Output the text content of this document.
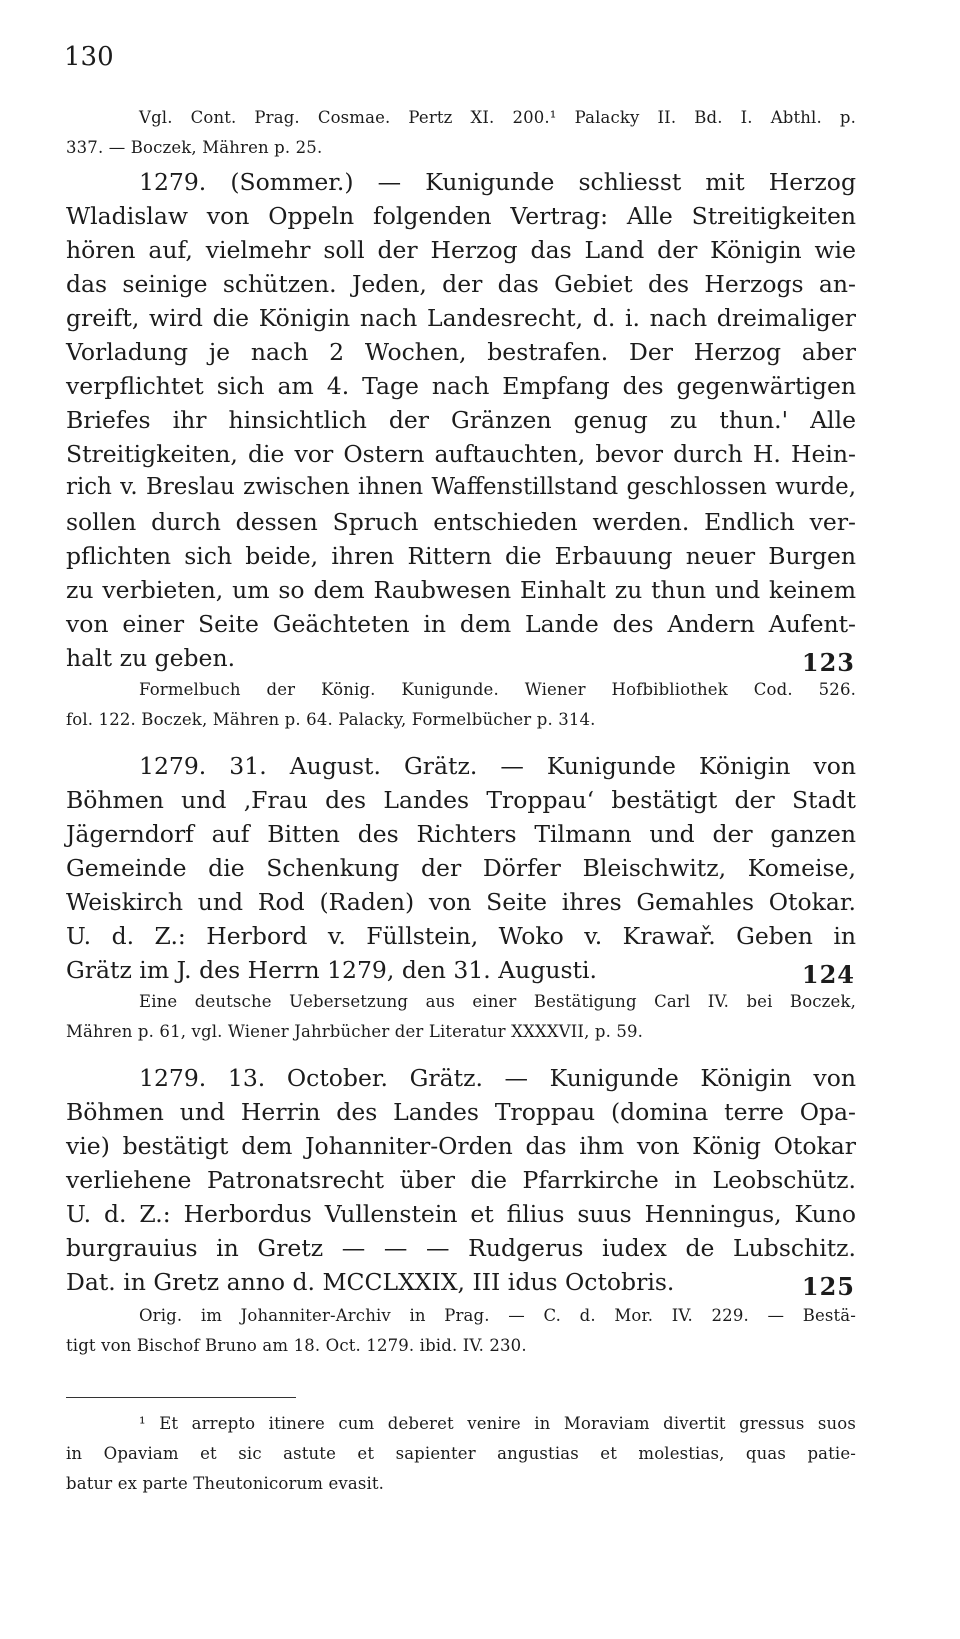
130
Vgl. Cont. Prag. Cosmae. Pertz XI. 200.¹ Palacky II. Bd. I. Abthl. p.
337. — Boczek, Mähren p. 25.
1279. (Sommer.) — Kunigunde schliesst mit Herzog
Wladislaw von Oppeln folgenden Vertrag: Alle Streitigkeiten
hören auf, vielmehr soll der Herzog das Land der Königin wie
das seinige schützen. Jeden, der das Gebiet des Herzogs an-
greift, wird die Königin nach Landesrecht, d. i. nach dreimaliger
Vorladung je nach 2 Wochen, bestrafen. Der Herzog aber
verpflichtet sich am 4. Tage nach Empfang des gegenwärtigen
Briefes ihr hinsichtlich der Gränzen genug zu thun.' Alle
Streitigkeiten, die vor Ostern auftauchten, bevor durch H. Hein-
rich v. Breslau zwischen ihnen Waffenstillstand geschlossen wurde,
sollen durch dessen Spruch entschieden werden. Endlich ver-
pflichten sich beide, ihren Rittern die Erbauung neuer Burgen
zu verbieten, um so dem Raubwesen Einhalt zu thun und keinem
von einer Seite Geächteten in dem Lande des Andern Aufent-
halt zu geben.	123
Formelbuch der König. Kunigunde. Wiener Hofbibliothek Cod. 526.
fol. 122. Boczek, Mähren p. 64. Palacky, Formelbücher p. 314.
1279. 31. August. Grätz. — Kunigunde Königin von
Böhmen und ‚Frau des Landes Troppau‘ bestätigt der Stadt
Jägerndorf auf Bitten des Richters Tilmann und der ganzen
Gemeinde die Schenkung der Dörfer Bleischwitz, Komeise,
Weiskirch und Rod (Raden) von Seite ihres Gemahles Otokar.
U. d. Z.: Herbord v. Füllstein, Woko v. Krawař. Geben in
Grätz im J. des Herrn 1279, den 31. Augusti.	124
Eine deutsche Uebersetzung aus einer Bestätigung Carl IV. bei Boczek,
Mähren p. 61, vgl. Wiener Jahrbücher der Literatur XXXXVII, p. 59.
1279. 13. October. Grätz. — Kunigunde Königin von
Böhmen und Herrin des Landes Troppau (domina terre Opa-
vie) bestätigt dem Johanniter-Orden das ihm von König Otokar
verliehene Patronatsrecht über die Pfarrkirche in Leobschütz.
U. d. Z.: Herbordus Vullenstein et filius suus Henningus, Kuno
burgrauius in Gretz — — — Rudgerus iudex de Lubschitz.
Dat. in Gretz anno d. MCCLXXIX, III idus Octobris.	125
Orig. im Johanniter-Archiv in Prag. — C. d. Mor. IV. 229. — Bestä-
tigt von Bischof Bruno am 18. Oct. 1279. ibid. IV. 230.
¹ Et arrepto itinere cum deberet venire in Moraviam divertit gressus suos
in Opaviam et sic astute et sapienter angustias et molestias, quas patie-
batur ex parte Theutonicorum evasit.
